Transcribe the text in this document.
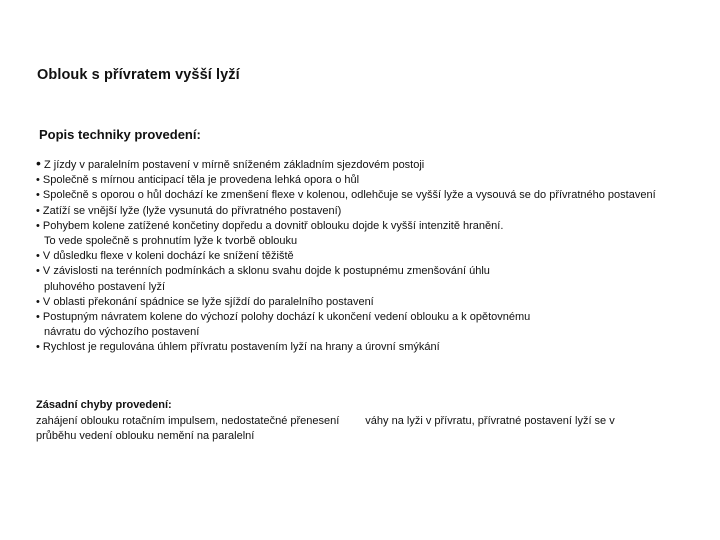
Oblouk s přívratem vyšší lyží
Popis techniky provedení:
• Z jízdy v paralelním postavení v mírně sníženém základním sjezdovém postoji
• Společně s mírnou anticipací těla je provedena lehká opora o hůl
• Společně s oporou o hůl dochází ke zmenšení flexe v kolenou, odlehčuje se vyšší lyže a vysouvá se do přívratného postavení
• Zatíží se vnější lyže (lyže vysunutá do přívratného postavení)
• Pohybem kolene zatížené končetiny dopředu a dovnitř oblouku dojde k vyšší intenzitě hranění.
To vede společně s prohnutím lyže k tvorbě oblouku
• V důsledku flexe v koleni dochází ke snížení těžiště
• V závislosti na terénních podmínkách a sklonu svahu dojde k postupnému zmenšování úhlu
pluhového postavení lyží
• V oblasti překonání spádnice se lyže sjíždí do paralelního postavení
• Postupným návratem kolene do výchozí polohy dochází k ukončení vedení oblouku a k opětovnému
návratu do výchozího postavení
• Rychlost je regulována úhlem přívratu postavením lyží na hrany a úrovní smýkání
Zásadní chyby provedení:
zahájení oblouku rotačním impulsem, nedostatečné přenesení váhy na lyži v přívratu, přívratné postavení lyží se v
průběhu vedení oblouku nemění na paralelní
